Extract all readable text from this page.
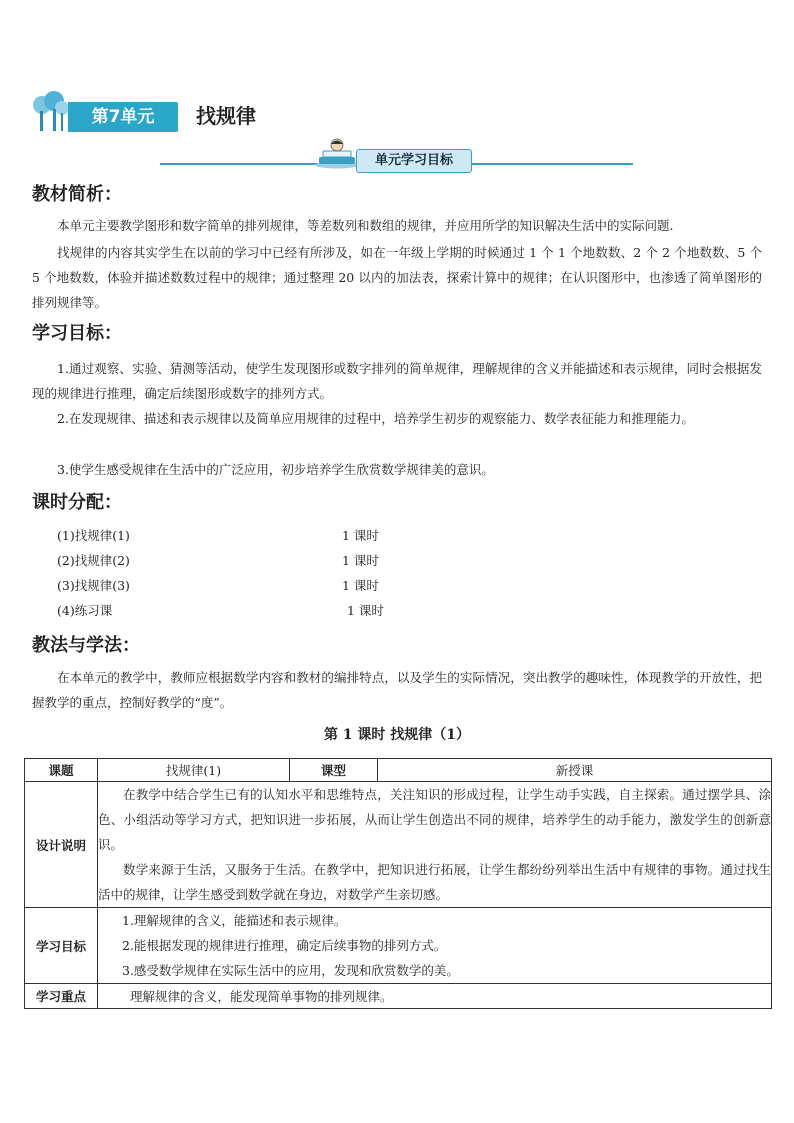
第7单元	找规律
单元学习目标
教材简析：

本单元主要教学图形和数字简单的排列规律，等差数列和数组的规律，并应用所学的知识解决生活中的实际问题.

找规律的内容其实学生在以前的学习中已经有所涉及，如在一年级上学期的时候通过 1 个 1 个地数数、2 个 2 个地数数、5 个 5 个地数数，体验并描述数数过程中的规律；通过整理 20 以内的加法表，探索计算中的规律；在认识图形中，也渗透了简单图形的排列规律等。

学习目标：

1.通过观察、实验、猜测等活动，使学生发现图形或数字排列的简单规律，理解规律的含义并能描述和表示规律，同时会根据发现的规律进行推理，确定后续图形或数字的排列方式。

2.在发现规律、描述和表示规律以及简单应用规律的过程中，培养学生初步的观察能力、数学表征能力和推理能力。

3.使学生感受规律在生活中的广泛应用，初步培养学生欣赏数学规律美的意识。

课时分配：
(1)找规律(1)	1 课时
(2)找规律(2)	1 课时
(3)找规律(3)	1 课时
(4)练习课	1 课时
教法与学法：

在本单元的教学中，教师应根据数学内容和教材的编排特点，以及学生的实际情况，突出教学的趣味性，体现教学的开放性，把握教学的重点，控制好教学的“度”。

第 1 课时 找规律（1）
课题	找规律(1)	课型	新授课
设计说明	在教学中结合学生已有的认知水平和思维特点，关注知识的形成过程，让学生动手实践，自主探索。通过摆学具、涂色、小组活动等学习方式，把知识进一步拓展，从而让学生创造出不同的规律，培养学生的动手能力，激发学生的创新意识。

数学来源于生活，又服务于生活。在教学中，把知识进行拓展，让学生都纷纷列举出生活中有规律的事物。通过找生活中的规律，让学生感受到数学就在身边，对数学产生亲切感。		

学习目标	1.理解规律的含义，能描述和表示规律。

2.能根据发现的规律进行推理，确定后续事物的排列方式。

3.感受数学规律在实际生活中的应用，发现和欣赏数学的美。		

学习重点	理解规律的含义，能发现简单事物的排列规律。		
